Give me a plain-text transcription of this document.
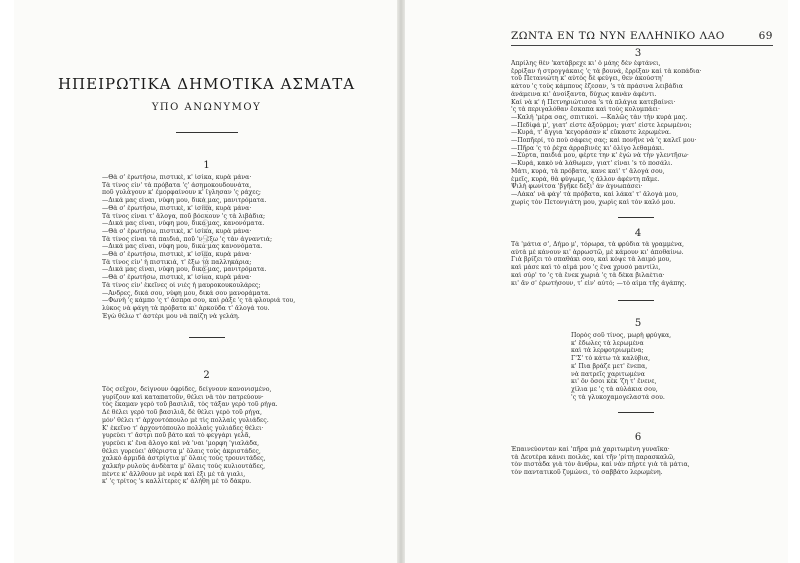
ΗΠΕΙΡΩΤΙΚΑ ΔΗΜΟΤΙΚΑ ΑΣΜΑΤΑ
ΥΠΟ ΑΝΩΝΥΜΟΥ
1
—Θὰ σ' ἐρωτήσω, πιστικέ, κ' ἰσίκα, κυρὰ μάνα·
Τὰ τίνος εἶν' τὰ πρόβατα 'ς' ἀσημοκουδουνάτα,
ποῦ γυλάγουν κ' ἐμορφαίνουν κ' ἴγλησαν 'ς ράχες;
—Δικά μας εἶναι, νύφη μου, δικά μας, μανιτρόματα.
—Θὰ σ' ἐρωτήσω, πιστικέ, κ' ἰσίκα, κυρὰ μάνα·
Τὰ τίνος εἶναι τ' ἄλογα, ποῦ βόσκουν 'ς τὰ λιβάδια;
—Δικά μας εἶναι, νύφη μου, δικά μας, κανονόματα.
—Θὰ σ' ἐρωτήσω, πιστικέ, κ' ἰσίκα, κυρὰ μάνα·
Τὰ τίνος εἶναι τὰ παιδιά, ποῦ 'ν' ἔξω 'ς τὰν ἀγναντιά;
—Δικά μας εἶναι, νύφη μου, δικά μας κανονόματα.
—Θὰ σ' ἐρωτήσω, πιστικέ, κ' ἰσίκα, κυρὰ μάνα·
Τὰ τίνος εἶν' ἡ πιστικιά, τ' ἔξω τὰ παλληκάρια;
—Δικά μας εἶναι, νύφη μου, δικά μας, μανιτρόματα.
—Θὰ σ' ἐρωτήσω, πιστικέ, κ' ἰσίκα, κυρὰ μάνα·
Τὰ τίνος εἶν' ἐκεῖνες οἱ νιὲς ἡ μαυροκουκουλάρες;
—Ἀνδρες, δικά σου, νύφη μου, δικά σου μανοράματα.
—Φωνὴ 'ς κάμπο 'ς τ' ἄσπρα σου, καὶ ρὰξε 'ς τὰ φλουριά του,
λύκος νὰ φάγη τὰ πρόβατα κι' ἀρκούδα τ' ἄλογά του.
Ἐγὼ θέλω τ' ἀστέρι μου νὰ παίζη νὰ γελάη.
2
Τὸς σεΐχον, δείγνουν ὀφρίδες, δείγνουν κανονισμένο,
γυρίζουν καὶ καταπατοῦν, θέλει νὰ τὸν πατρεύουν·
τὸς ἔκαμαν γερὸ τοῦ βασιλιᾶ, τὸς τάξαν γερὸ τοῦ ρήγα.
Δὲ θέλει γερὸ τοῦ βασιλιᾶ, δὲ θέλει γερὸ τοῦ ρήγα,
μόν' θέλει τ' ἀρχοντόπουλο μὲ τὶς πολλαὶς γυλιάδες.
Κ' ἐκεῖνο τ' ἀρχοντόπουλο πολλαὶς γυλιάδες θέλει·
γυρεύει τ' ἄστρι ποῦ βάτο καὶ τὸ φεγγάρι γελᾶ,
γυρεύει κ' ἕνα ἄλογο καὶ νὰ 'ναι 'μορφη 'γιαλάδα,
θέλει γυρεύει' ἀθέριστα μ' ὅλαις τοὺς ἀκριστάδες,
χαλκὸ ἀρμιδὰ ἀστρίγτια μ' ὅλαις τοὺς τρουνιτάδες,
χαλκὴν ρυλοὺς ἀνδέατα μ' ὅλαις τοὺς κυλιουτάδες,
πέντε κ' ἄλλθουν μὲ νερὰ καὶ ἔξι μὲ τὰ γιαλι,
κ' 'ς τρίτος 's καλλίτερες κ' ἀλήθη μὲ τὸ δάκρυ.
ΖΩΝΤΑ ΕΝ ΤΩ ΝΥΝ ΕΛΛΗΝΙΚΟ ΛΑΟ	69
3
Ἀπρίλης θὲν 'κατάβρεχε κι' ὁ μάης δὲν ἐφτάνει,
ἔρρίξαν ἡ στρογγάκαις 'ς τὰ βουνά, ἔρρίξαν καὶ τὰ κοπάδια·
τοῦ Πετανιώτη κ' αὐτὸς δὲ φεύγει, θεν ἀκούστη'
κάτου 'ς τοὺς κάμπους ἔζεσαν, 's τὰ πράσινα λειβάδια
ἀνάμεινα κι' ἀνοίξαντα, δύχως κανὰν ἀφέντι.
Καί νὰ κ' ἡ Πετνηριώτισσα 's τὰ πλάγια κατεβαίνει·
'ς τὰ περιγαλόθαν ἔσκαπα καὶ τοὺς κολυμπάει·
—Καλή 'μέρα σας, σπιτικοὶ. —Καλῶς τὰν τὴν κυρά μας.
—Πεδίφά μ', γιατ' εἶστε ἀξούρμοι; γιατ' εἶστε λερωμένοι;
—Κυρά, τ' ἄγγια 'κεγοράσαν κ' εὔκαστε λερωμένα.
—Ποπῆερί, τὸ ποὺ σάφεις σας; καὶ πονῆνε νὰ 'ς καλεῖ μου·
—Πῆρα 'ς τὸ ῥέχα ἀρραβινὲς κι' ὀλίγο λεθαμάκι.
—Σύρτα, παιδιά μου, φέρτε την κ' ἐγὼ νὰ τὴν γλεντῆσω·
—Κυρά, κακὸ νὰ λάθωμεν, γιατ' εἶναι 's τὸ ποσάλι.
Μάτι, κυρά, τὰ πρόβατα, κανε καὶ' τ' ἄλογά σου,
ἐμεῖς, κυρά, θὰ φύγωμε, 'ς ἄλλον ἀφέντη πᾶμε.
Ψιλὴ φωνίτσα 'βγῆκε δεξι' ἀν ἀγνωπάσει·
—Λάκα' νὰ φάγ' τὰ πρόβατα, καὶ λάκα' τ' ἄλογά μου,
χωρὶς τὸν Πετονγιάτη μου, χωρὶς καὶ τὸν καλό μου.
4
Τὰ 'μάτια σ', Δήμο μ', τόρωρα, τὰ φρύδια τὰ γραμμένα,
αὐτὰ μὲ κάνουν κι' ἀρρωστῶ, μὲ κάμουν κι' ἀποθαίνω.
Γιὰ βρίζει τὸ σπαθάκι σου, καὶ κόψε τὰ λαιμό μου,
καὶ μάσε καὶ τὸ αἷμά μου 'ς ἕνα χρυσὸ μαντίλι,
καὶ σύρ' το 'ς τὰ ἕνεκ χωριὰ 'ς τὰ δέκα βιλαέτια·
κι' ἂν σ' ἐρωτήσουν, τ' εἶν' αὐτό; —τὸ αἷμα τῆς ἀγάπης.
5
Πορὸς σοῦ τίνος, μωρὴ φρύγκα,
κ' ἔδωλες τὰ λερωμένα
καὶ τὰ λερφοτριωμένα;
Γ'Σ' τὸ κάτω τὰ καλύβια,
κ' Πια βράζε μετ' ἕνεπα,
νὰ πατρεῖς χαριτωμένα
κι' ὅν ὅσοι κέκ 'ζη τ' ἕνενε,
χίλια με 'ς τὰ αὐλάκια σου,
'ς τὰ γλυκοχαμογελαστά σου.
6
Ἐπαινεύονταν καὶ 'πῆρα μιὰ χαριτωμένη γυναῖκα·
τὰ Δευτέρα κάνει ποιλάς, καὶ τῆν 'ρίτη παρασκαλῶ,
τὸν πιστάδα γιὰ τὸν ἄνθρω, καὶ νὰν πήρτε γιὰ τὰ μάτια,
τὸν παντατικοῦ ζυμώνει, τὸ σαββάτο λερωμένη.
anemi.lib.uoc.gr
